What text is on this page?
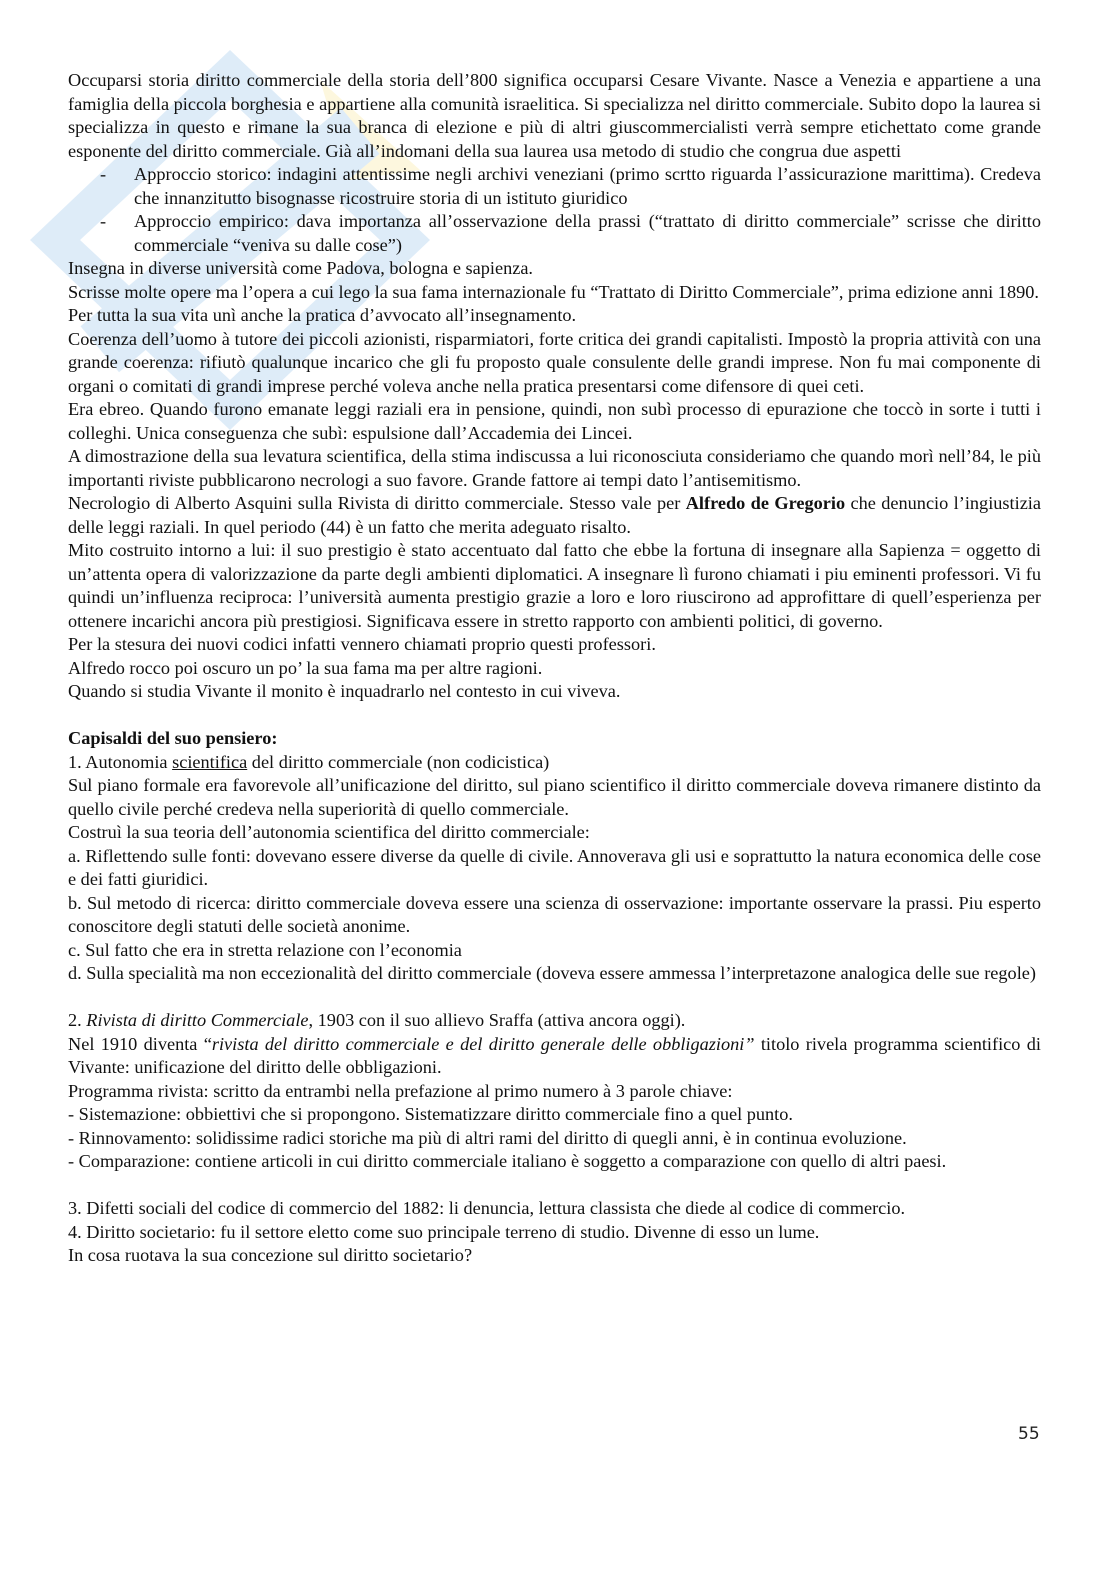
Occuparsi storia diritto commerciale della storia dell’800 significa occuparsi Cesare Vivante. Nasce a Venezia e appartiene a una famiglia della piccola borghesia e appartiene alla comunità israelitica. Si specializza nel diritto commerciale. Subito dopo la laurea si specializza in questo e rimane la sua branca di elezione e più di altri giuscommercialisti verrà sempre etichettato come grande esponente del diritto commerciale. Già all’indomani della sua laurea usa metodo di studio che congrua due aspetti
- Approccio storico: indagini attentissime negli archivi veneziani (primo scrtto riguarda l’assicurazione marittima). Credeva che innanzitutto bisognasse ricostruire storia di un istituto giuridico
- Approccio empirico: dava importanza all’osservazione della prassi (“trattato di diritto commerciale” scrisse che diritto commerciale “veniva su dalle cose”)
Insegna in diverse università come Padova, bologna e sapienza.
Scrisse molte opere ma l’opera a cui lego la sua fama internazionale fu “Trattato di Diritto Commerciale”, prima edizione anni 1890.
Per tutta la sua vita unì anche la pratica d’avvocato all’insegnamento.
Coerenza dell’uomo à tutore dei piccoli azionisti, risparmiatori, forte critica dei grandi capitalisti. Impostò la propria attività con una grande coerenza: rifiutò qualunque incarico che gli fu proposto quale consulente delle grandi imprese. Non fu mai componente di organi o comitati di grandi imprese perché voleva anche nella pratica presentarsi come difensore di quei ceti.
Era ebreo. Quando furono emanate leggi raziali era in pensione, quindi, non subì processo di epurazione che toccò in sorte i tutti i colleghi. Unica conseguenza che subì: espulsione dall’Accademia dei Lincei.
A dimostrazione della sua levatura scientifica, della stima indiscussa a lui riconosciuta consideriamo che quando morì nell’84, le più importanti riviste pubblicarono necrologi a suo favore. Grande fattore ai tempi dato l’antisemitismo.
Necrologio di Alberto Asquini sulla Rivista di diritto commerciale. Stesso vale per Alfredo de Gregorio che denuncio l’ingiustizia delle leggi raziali. In quel periodo (44) è un fatto che merita adeguato risalto.
Mito costruito intorno a lui: il suo prestigio è stato accentuato dal fatto che ebbe la fortuna di insegnare alla Sapienza = oggetto di un’attenta opera di valorizzazione da parte degli ambienti diplomatici. A insegnare lì furono chiamati i piu eminenti professori. Vi fu quindi un’influenza reciproca: l’università aumenta prestigio grazie a loro e loro riuscirono ad approfittare di quell’esperienza per ottenere incarichi ancora più prestigiosi. Significava essere in stretto rapporto con ambienti politici, di governo.
Per la stesura dei nuovi codici infatti vennero chiamati proprio questi professori.
Alfredo rocco poi oscuro un po’ la sua fama ma per altre ragioni.
Quando si studia Vivante il monito è inquadrarlo nel contesto in cui viveva.
Capisaldi del suo pensiero:
1. Autonomia scientifica del diritto commerciale (non codicistica)
Sul piano formale era favorevole all’unificazione del diritto, sul piano scientifico il diritto commerciale doveva rimanere distinto da quello civile perché credeva nella superiorità di quello commerciale.
Costruì la sua teoria dell’autonomia scientifica del diritto commerciale:
a. Riflettendo sulle fonti: dovevano essere diverse da quelle di civile. Annoverava gli usi e soprattutto la natura economica delle cose e dei fatti giuridici.
b. Sul metodo di ricerca: diritto commerciale doveva essere una scienza di osservazione: importante osservare la prassi. Piu esperto conoscitore degli statuti delle società anonime.
c. Sul fatto che era in stretta relazione con l’economia
d. Sulla specialità ma non eccezionalità del diritto commerciale (doveva essere ammessa l’interpretazone analogica delle sue regole)
2. Rivista di diritto Commerciale, 1903 con il suo allievo Sraffa (attiva ancora oggi).
Nel 1910 diventa “rivista del diritto commerciale e del diritto generale delle obbligazioni” titolo rivela programma scientifico di Vivante: unificazione del diritto delle obbligazioni.
Programma rivista: scritto da entrambi nella prefazione al primo numero à 3 parole chiave:
- Sistemazione: obbiettivi che si propongono. Sistematizzare diritto commerciale fino a quel punto.
- Rinnovamento: solidissime radici storiche ma più di altri rami del diritto di quegli anni, è in continua evoluzione.
- Comparazione: contiene articoli in cui diritto commerciale italiano è soggetto a comparazione con quello di altri paesi.
3. Difetti sociali del codice di commercio del 1882: li denuncia, lettura classista che diede al codice di commercio.
4. Diritto societario: fu il settore eletto come suo principale terreno di studio. Divenne di esso un lume.
In cosa ruotava la sua concezione sul diritto societario?
55
